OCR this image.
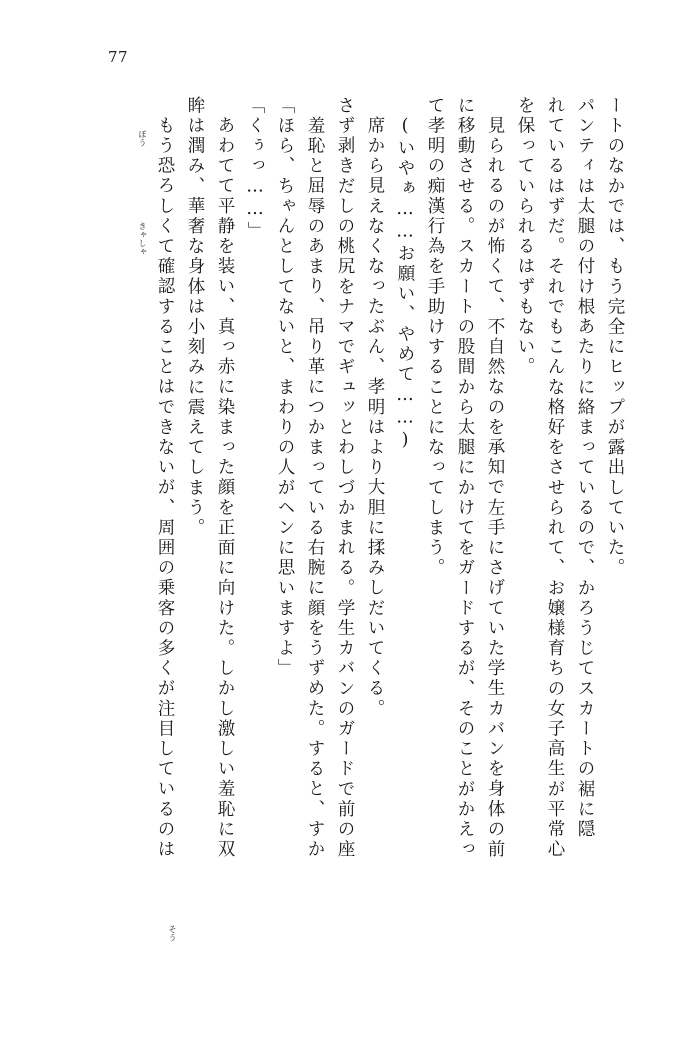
77
ートのなかでは、もう完全にヒップが露出していた。
パンティは太腿の付け根あたりに絡まっているので、かろうじてスカートの裾に隠
れているはずだ。それでもこんな格好をさせられて、お嬢様育ちの女子高生が平常心
を保っていられるはずもない。
見られるのが怖くて、不自然なのを承知で左手にさげていた学生カバンを身体の前
に移動させる。スカートの股間から太腿にかけてをガードするが、そのことがかえっ
て孝明の痴漢行為を手助けすることになってしまう。
(いやぁ……お願い、やめて……)
席から見えなくなったぶん、孝明はより大胆に揉みしだいてくる。
さず剥きだしの桃尻をナマでギュッとわしづかまれる。学生カバンのガードで前の座
羞恥と屈辱のあまり、吊り革につかまっている右腕に顔をうずめた。すると、すか
「ほら、ちゃんとしてないと、まわりの人がヘンに思いますよ」
「くぅっ……」
あわてて平静を装い、真っ赤に染まった顔を正面に向けた。しかし激しい羞恥に双
眸は潤み、華奢な身体は小刻みに震えてしまう。
もう恐ろしくて確認することはできないが、周囲の乗客の多くが注目しているのは
ぼう
きゃしゃ
そう
